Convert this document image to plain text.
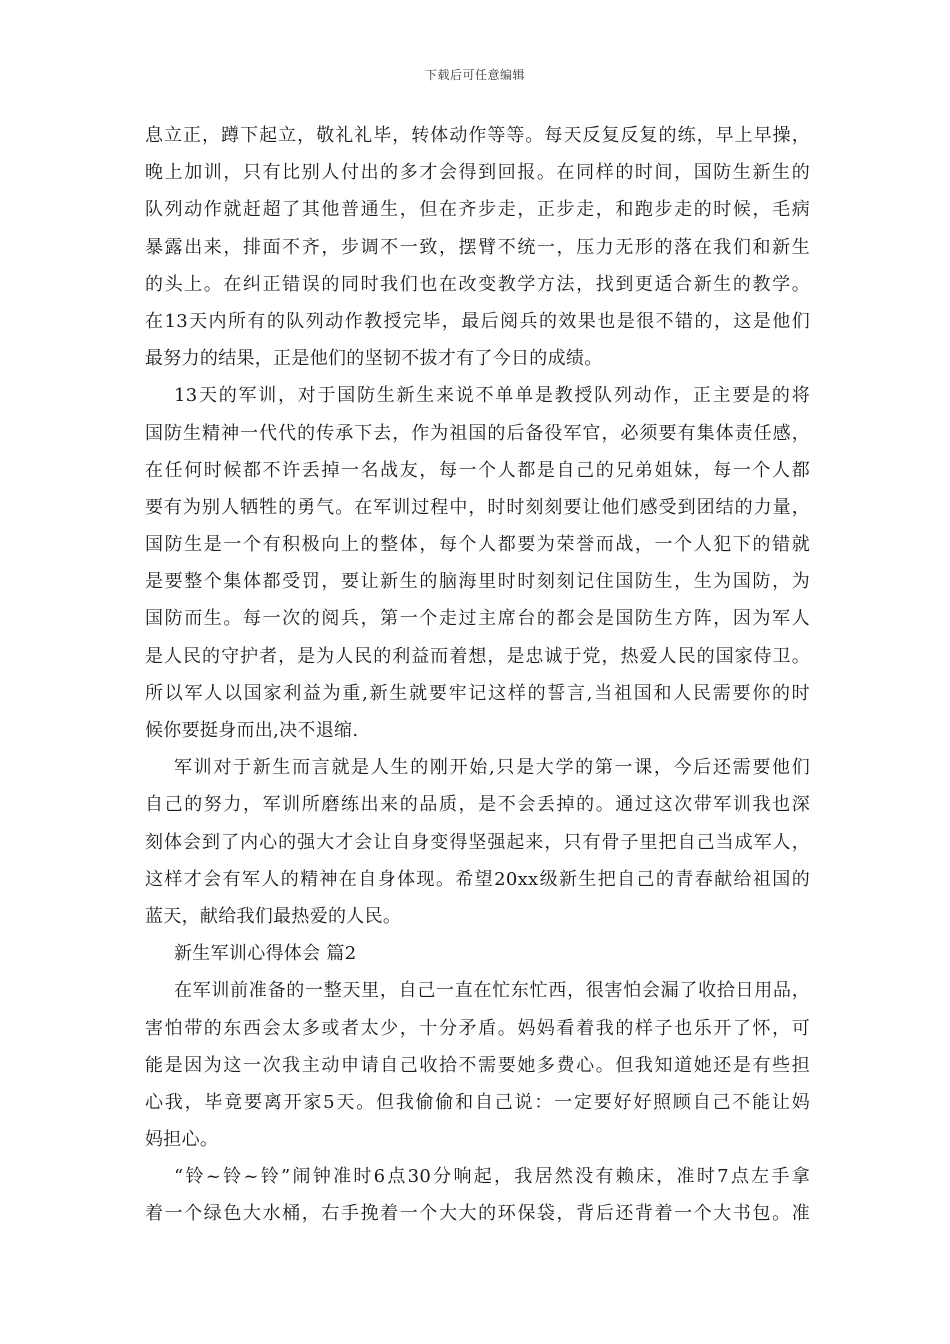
下载后可任意编辑
息立正，蹲下起立，敬礼礼毕，转体动作等等。每天反复反复的练，早上早操，
晚上加训，只有比别人付出的多才会得到回报。在同样的时间，国防生新生的
队列动作就赶超了其他普通生，但在齐步走，正步走，和跑步走的时候，毛病
暴露出来，排面不齐，步调不一致，摆臂不统一，压力无形的落在我们和新生
的头上。在纠正错误的同时我们也在改变教学方法，找到更适合新生的教学。
在13天内所有的队列动作教授完毕，最后阅兵的效果也是很不错的，这是他们
最努力的结果，正是他们的坚韧不拔才有了今日的成绩。
13天的军训，对于国防生新生来说不单单是教授队列动作，正主要是的将
国防生精神一代代的传承下去，作为祖国的后备役军官，必须要有集体责任感，
在任何时候都不许丢掉一名战友，每一个人都是自己的兄弟姐妹，每一个人都
要有为别人牺牲的勇气。在军训过程中，时时刻刻要让他们感受到团结的力量，
国防生是一个有积极向上的整体，每个人都要为荣誉而战，一个人犯下的错就
是要整个集体都受罚，要让新生的脑海里时时刻刻记住国防生，生为国防，为
国防而生。每一次的阅兵，第一个走过主席台的都会是国防生方阵，因为军人
是人民的守护者，是为人民的利益而着想，是忠诚于党，热爱人民的国家侍卫。
所以军人以国家利益为重,新生就要牢记这样的誓言,当祖国和人民需要你的时
候你要挺身而出,决不退缩.
军训对于新生而言就是人生的刚开始,只是大学的第一课，今后还需要他们
自己的努力，军训所磨练出来的品质，是不会丢掉的。通过这次带军训我也深
刻体会到了内心的强大才会让自身变得坚强起来，只有骨子里把自己当成军人，
这样才会有军人的精神在自身体现。希望20xx级新生把自己的青春献给祖国的
蓝天，献给我们最热爱的人民。
新生军训心得体会 篇2
在军训前准备的一整天里，自己一直在忙东忙西，很害怕会漏了收拾日用品，
害怕带的东西会太多或者太少，十分矛盾。妈妈看着我的样子也乐开了怀，可
能是因为这一次我主动申请自己收拾不需要她多费心。但我知道她还是有些担
心我，毕竟要离开家5天。但我偷偷和自己说：一定要好好照顾自己不能让妈
妈担心。
“铃~铃~铃”闹钟准时6点30分响起，我居然没有赖床，准时7点左手拿
着一个绿色大水桶，右手挽着一个大大的环保袋，背后还背着一个大书包。准
